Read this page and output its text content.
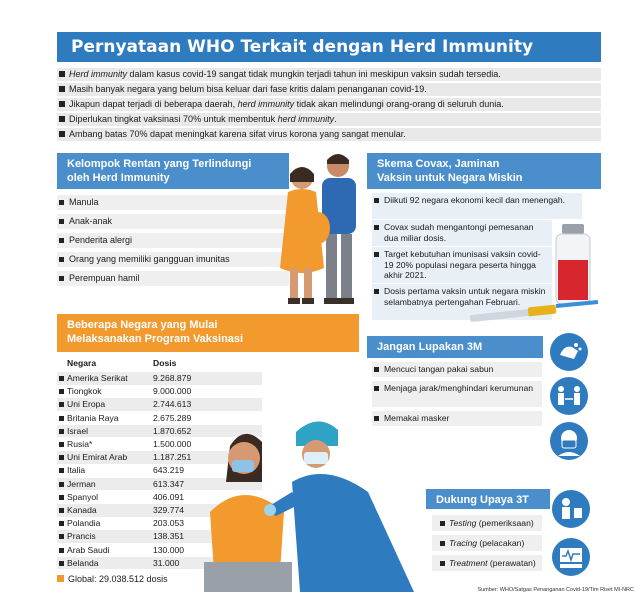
Pernyataan WHO Terkait dengan Herd Immunity
Herd immunity dalam kasus covid-19 sangat tidak mungkin terjadi tahun ini meskipun vaksin sudah tersedia.
Masih banyak negara yang belum bisa keluar dari fase kritis dalam penanganan covid-19.
Jikapun dapat terjadi di beberapa daerah, herd immunity tidak akan melindungi orang-orang di seluruh dunia.
Diperlukan tingkat vaksinasi 70% untuk membentuk herd immunity.
Ambang batas 70% dapat meningkat karena sifat virus korona yang sangat menular.
Kelompok Rentan yang Terlindungi
oleh Herd Immunity
Manula
Anak-anak
Penderita alergi
Orang yang memiliki gangguan imunitas
Perempuan hamil
Beberapa Negara yang Mulai
Melaksanakan Program Vaksinasi
Negara	Dosis
Amerika Serikat	9.268.879
Tiongkok	9.000.000
Uni Eropa	2.744.613
Britania Raya	2.675.289
Israel	1.870.652
Rusia*	1.500.000
Uni Emirat Arab	1.187.251
Italia	643.219
Jerman	613.347
Spanyol	406.091
Kanada	329.774
Polandia	203.053
Prancis	138.351
Arab Saudi	130.000
Belanda	31.000
Global: 29.038.512 dosis
Skema Covax, Jaminan
Vaksin untuk Negara Miskin
Diikuti 92 negara ekonomi kecil dan menengah.
Covax sudah mengantongi pemesanan dua miliar dosis.
Target kebutuhan imunisasi vaksin covid-19 20% populasi negara peserta hingga akhir 2021.
Dosis pertama vaksin untuk negara miskin selambatnya pertengahan Februari.
Jangan Lupakan 3M
Mencuci tangan pakai sabun
Menjaga jarak/menghindari kerumunan
Memakai masker
Dukung Upaya 3T
Testing (pemeriksaan)
Tracing (pelacakan)
Treatment (perawatan)
Sumber: WHO/Satgas Penanganan Covid-19/Tim Riset MI-NRC
